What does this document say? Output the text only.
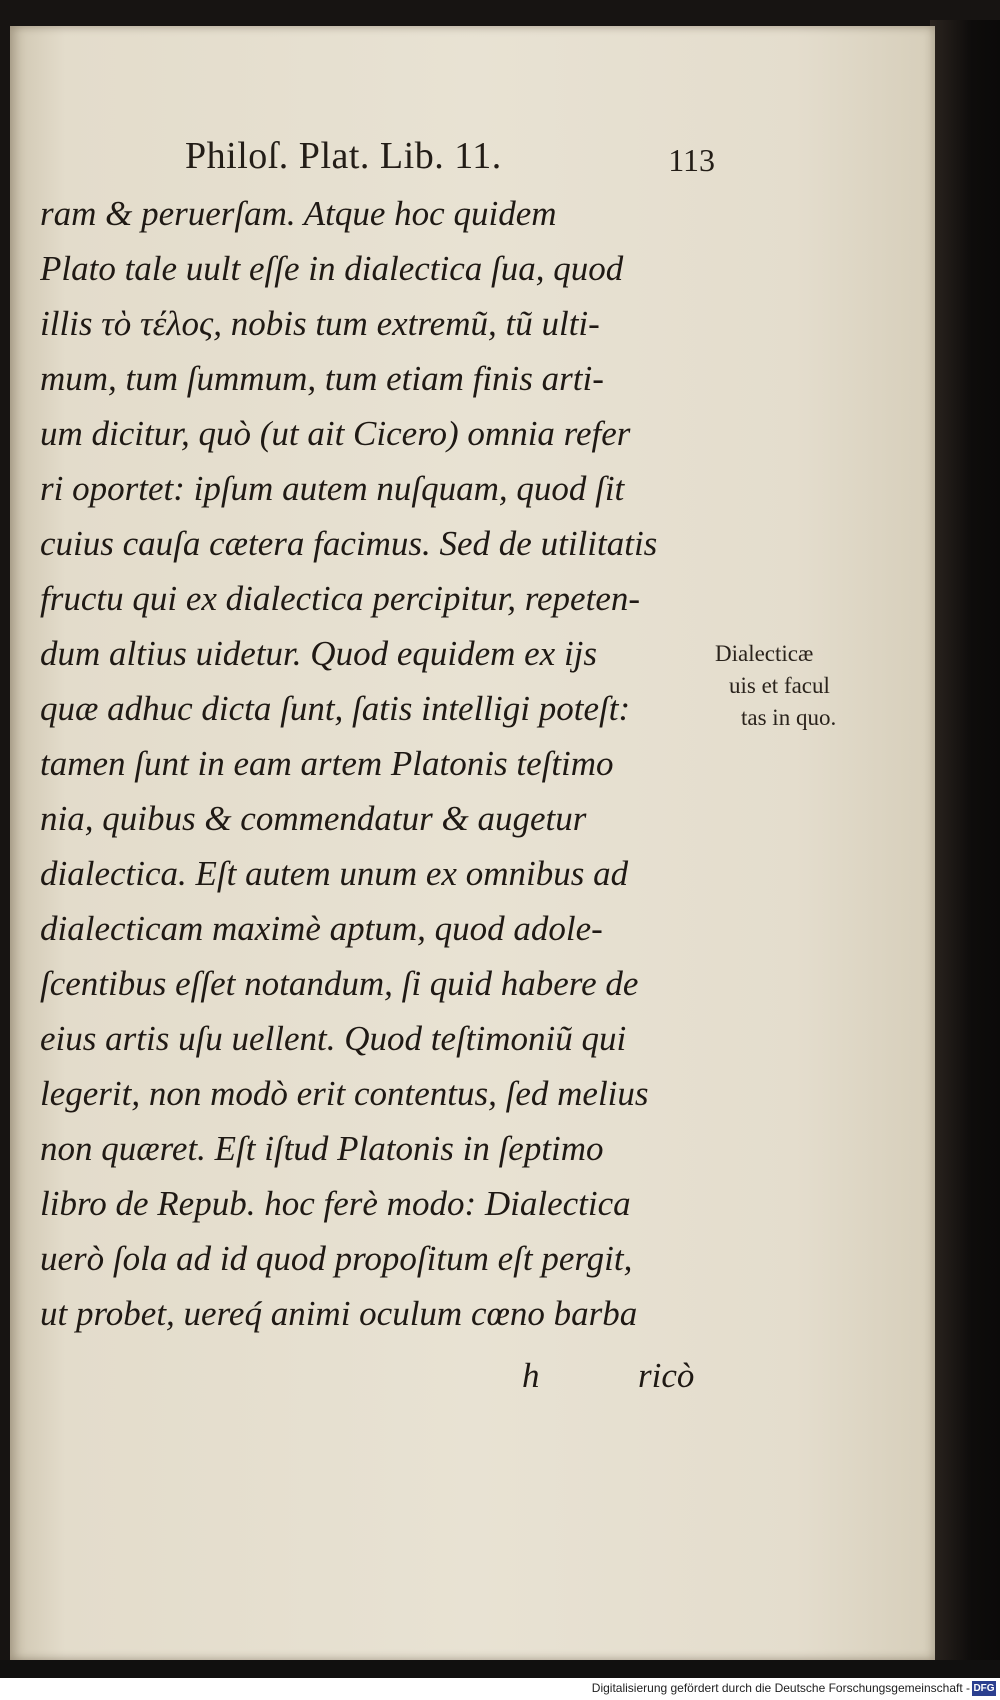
Philoſ. Plat. Lib. 11.	113
ram & peruerſam. Atque hoc quidem
Plato tale uult eſſe in dialectica ſua, quod
illis τὸ τέλος, nobis tum extremũ, tũ ulti-
mum, tum ſummum, tum etiam finis arti-
um dicitur, quò (ut ait Cicero) omnia refer
ri oportet: ipſum autem nuſquam, quod ſit
cuius cauſa cætera facimus. Sed de utilitatis
fructu qui ex dialectica percipitur, repeten-
dum altius uidetur. Quod equidem ex ijs
quæ adhuc dicta ſunt, ſatis intelligi poteſt:
tamen ſunt in eam artem Platonis teſtimo
nia, quibus & commendatur & augetur
dialectica. Eſt autem unum ex omnibus ad
dialecticam maximè aptum, quod adole-
ſcentibus eſſet notandum, ſi quid habere de
eius artis uſu uellent. Quod teſtimoniũ qui
legerit, non modò erit contentus, ſed melius
non quæret. Eſt iſtud Platonis in ſeptimo
libro de Repub. hoc ferè modo: Dialectica
uerò ſola ad id quod propoſitum eſt pergit,
ut probet, uereq́ animi oculum cœno barba
h	ricò
Dialecticæ
uis et facul
tas in quo.
Digitalisierung gefördert durch die Deutsche Forschungsgemeinschaft - DFG
